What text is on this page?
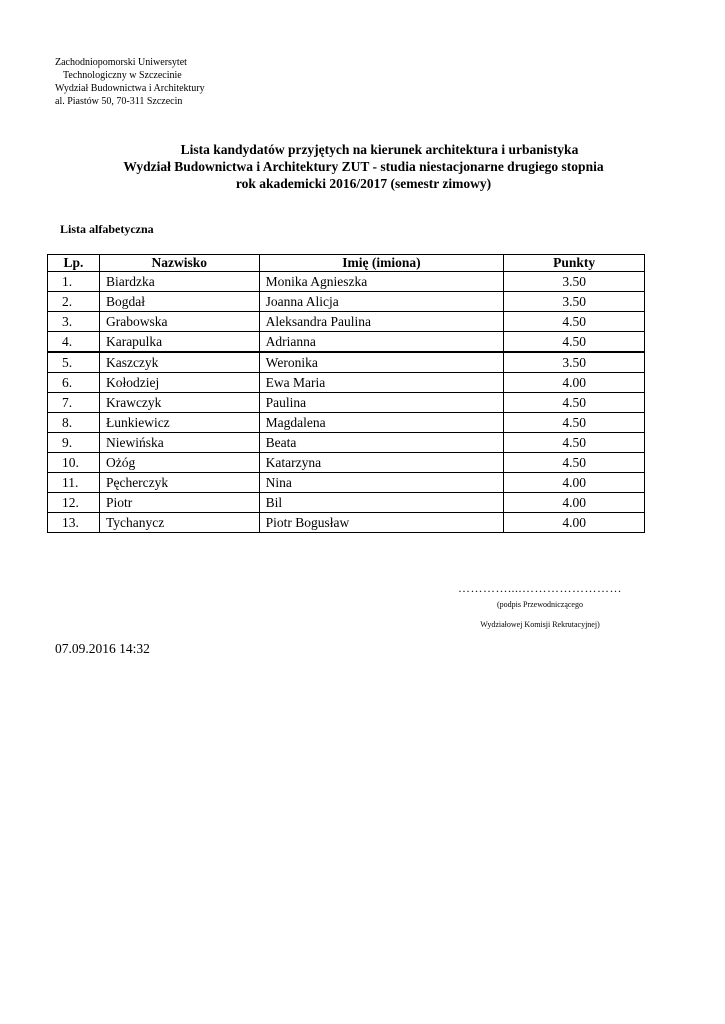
Zachodniopomorski Uniwersytet
Technologiczny w Szczecinie
Wydział Budownictwa i Architektury
al. Piastów 50, 70-311 Szczecin
Lista kandydatów przyjętych na kierunek architektura i urbanistyka
Wydział Budownictwa i Architektury ZUT - studia niestacjonarne drugiego stopnia
rok akademicki 2016/2017 (semestr zimowy)
Lista alfabetyczna
Lp.	Nazwisko	Imię (imiona)	Punkty
1.	Biardzka	Monika Agnieszka	3.50
2.	Bogdał	Joanna Alicja	3.50
3.	Grabowska	Aleksandra Paulina	4.50
4.	Karapulka	Adrianna	4.50
5.	Kaszczyk	Weronika	3.50
6.	Kołodziej	Ewa Maria	4.00
7.	Krawczyk	Paulina	4.50
8.	Łunkiewicz	Magdalena	4.50
9.	Niewińska	Beata	4.50
10.	Ożóg	Katarzyna	4.50
11.	Pęcherczyk	Nina	4.00
12.	Piotr	Bil	4.00
13.	Tychanycz	Piotr Bogusław	4.00
…………....……………………
(podpis Przewodniczącego
Wydziałowej Komisji Rekrutacyjnej)
07.09.2016 14:32
